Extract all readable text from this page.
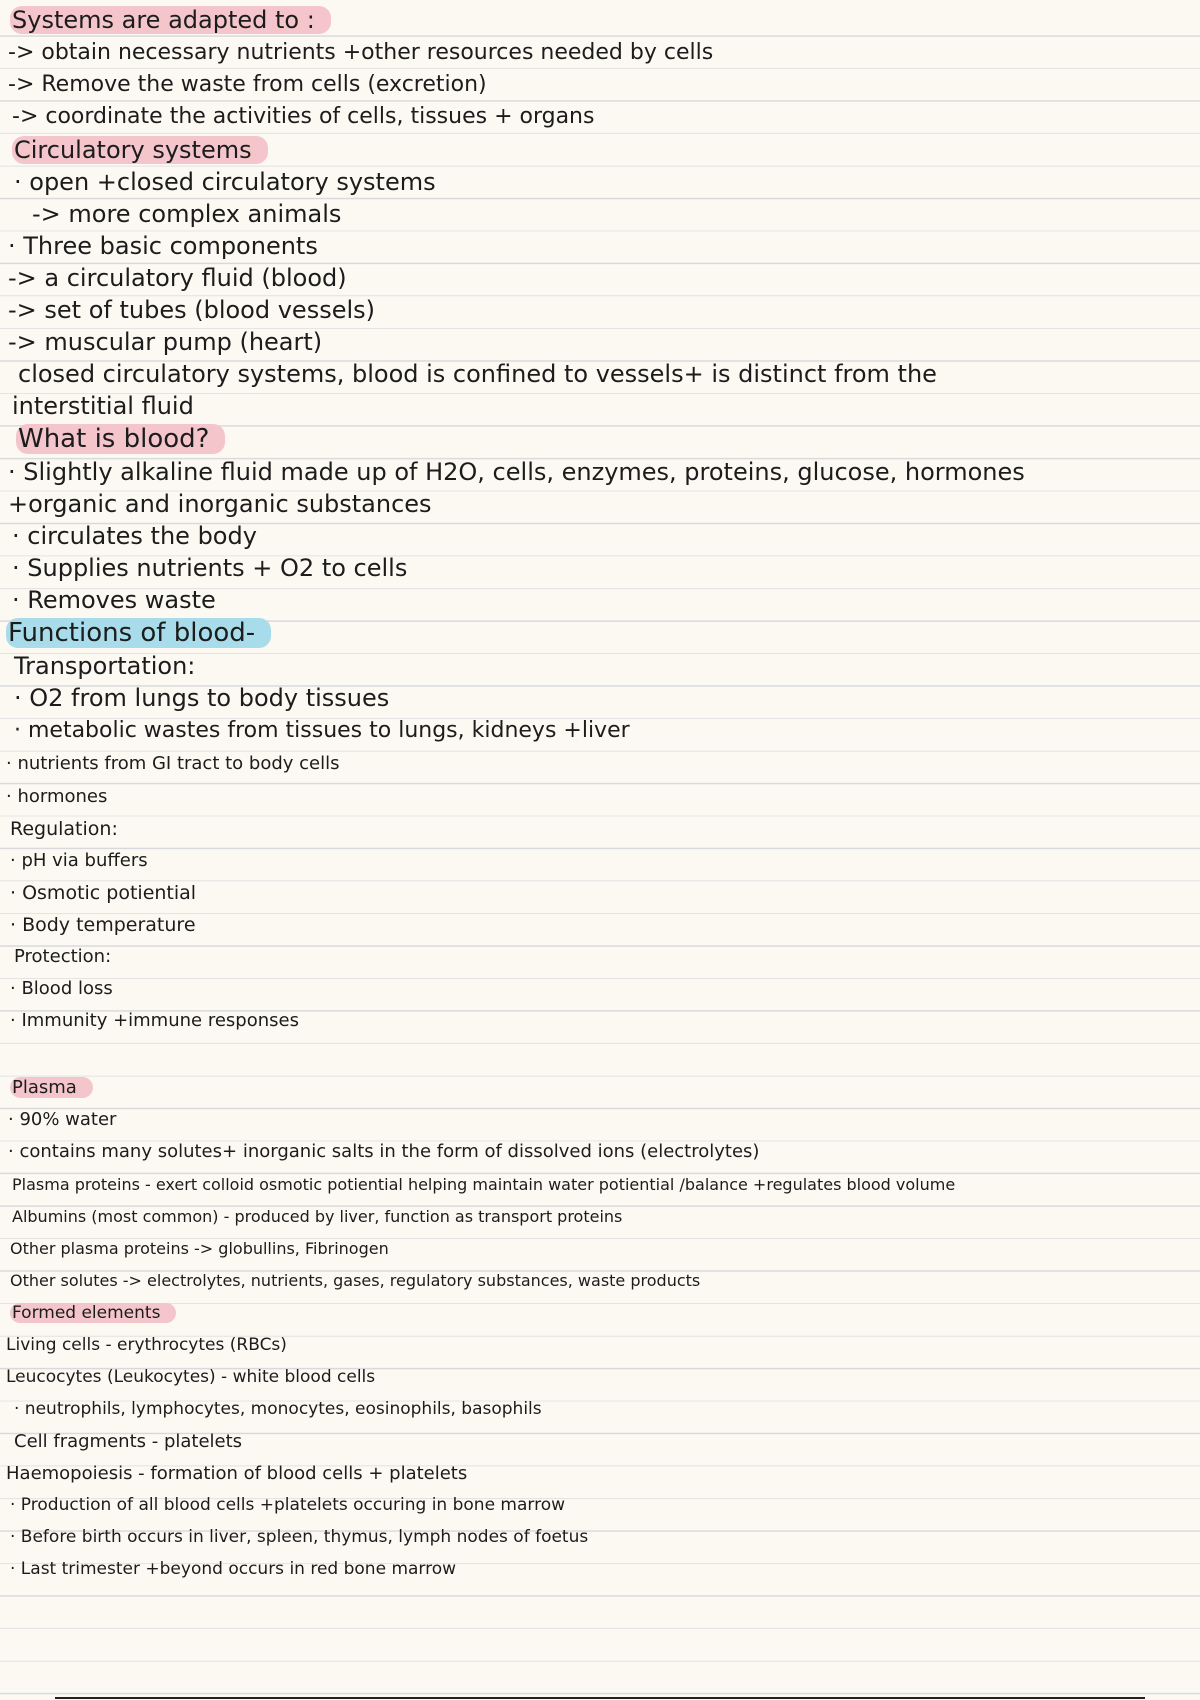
Systems are adapted to :
-> obtain necessary nutrients +other resources needed by cells
-> Remove the waste from cells (excretion)
-> coordinate the activities of cells, tissues + organs
Circulatory systems
· open +closed circulatory systems
-> more complex animals
· Three basic components
-> a circulatory fluid (blood)
-> set of tubes (blood vessels)
-> muscular pump (heart)
closed circulatory systems, blood is confined to vessels+ is distinct from the
interstitial fluid
What is blood?
· Slightly alkaline fluid made up of H2O, cells, enzymes, proteins, glucose, hormones
+organic and inorganic substances
· circulates the body
· Supplies nutrients + O2 to cells
· Removes waste
Functions of blood-
Transportation:
· O2 from lungs to body tissues
· metabolic wastes from tissues to lungs, kidneys +liver
· nutrients from GI tract to body cells
· hormones
Regulation:
· pH via buffers
· Osmotic potiential
· Body temperature
Protection:
· Blood loss
· Immunity +immune responses
Plasma
· 90% water
· contains many solutes+ inorganic salts in the form of dissolved ions (electrolytes)
Plasma proteins - exert colloid osmotic potiential helping maintain water potiential /balance +regulates blood volume
Albumins (most common) - produced by liver, function as transport proteins
Other plasma proteins -> globullins, Fibrinogen
Other solutes -> electrolytes, nutrients, gases, regulatory substances, waste products
Formed elements
Living cells - erythrocytes (RBCs)
Leucocytes (Leukocytes) - white blood cells
· neutrophils, lymphocytes, monocytes, eosinophils, basophils
Cell fragments - platelets
Haemopoiesis - formation of blood cells + platelets
· Production of all blood cells +platelets occuring in bone marrow
· Before birth occurs in liver, spleen, thymus, lymph nodes of foetus
· Last trimester +beyond occurs in red bone marrow
